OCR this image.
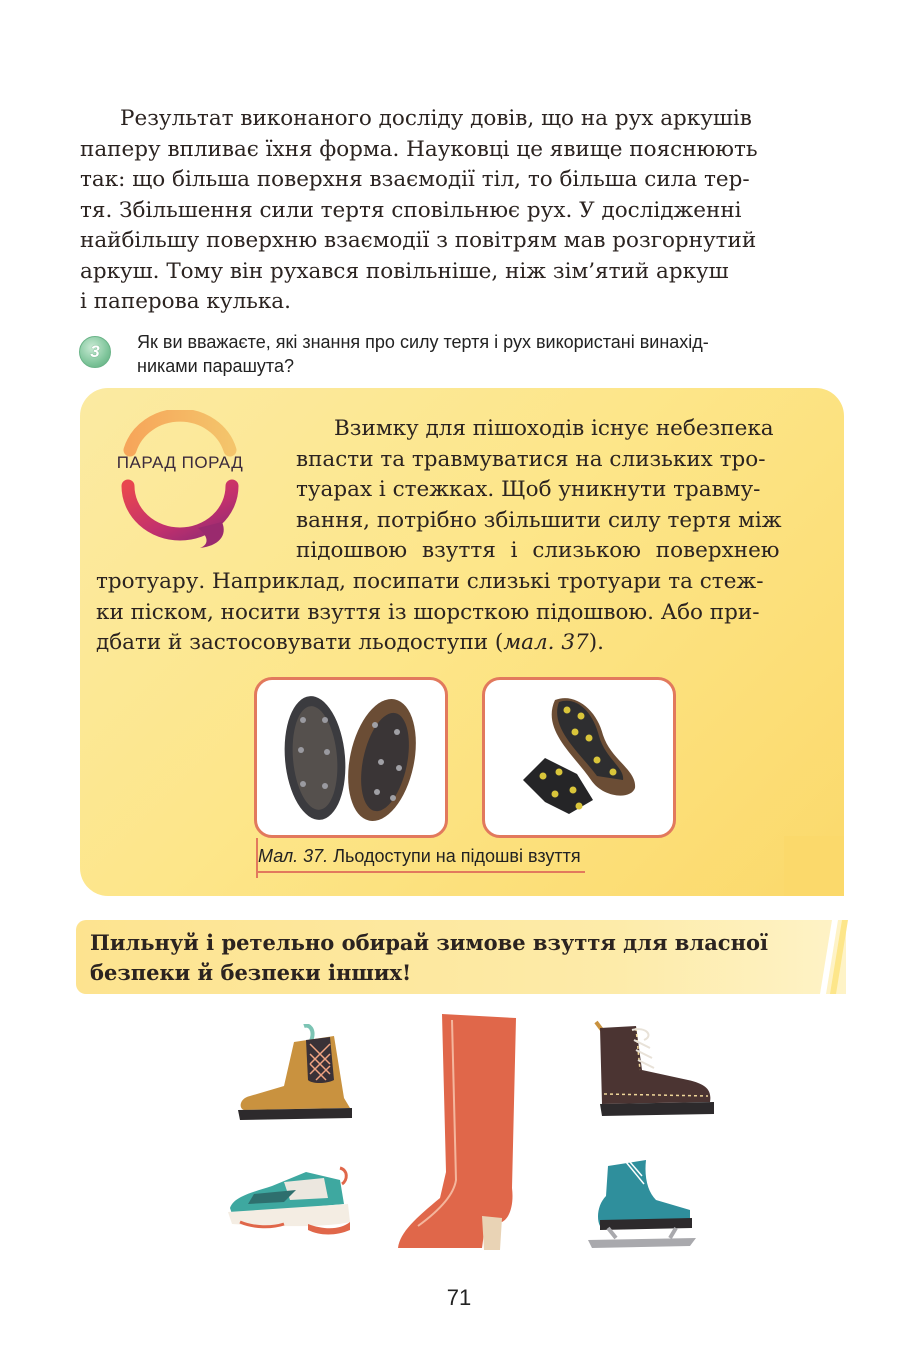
Результат виконаного досліду довів, що на рух аркушів
паперу впливає їхня форма. Науковці це явище пояснюють
так: що більша поверхня взаємодії тіл, то більша сила тер-
тя. Збільшення сили тертя сповільнює рух. У дослідженні
найбільшу поверхню взаємодії з повітрям мав розгорнутий
аркуш. Тому він рухався повільніше, ніж зім’ятий аркуш
і паперова кулька.
3	Як ви вважаєте, які знання про силу тертя і рух використані винахід-
никами парашута?
ПАРАД ПОРАД
Взимку для пішоходів існує небезпека
впасти та травмуватися на слизьких тро-
туарах і стежках. Щоб уникнути травму-
вання, потрібно збільшити силу тертя між
підошвою взуття і слизькою поверхнею
тротуару. Наприклад, посипати слизькі тротуари та стеж-
ки піском, носити взуття із шорсткою підошвою. Або при-
дбати й застосовувати льодоступи (мал. 37).
Мал. 37. Льодоступи на підошві взуття
Пильнуй і ретельно обирай зимове взуття для власної
безпеки й безпеки інших!
71
